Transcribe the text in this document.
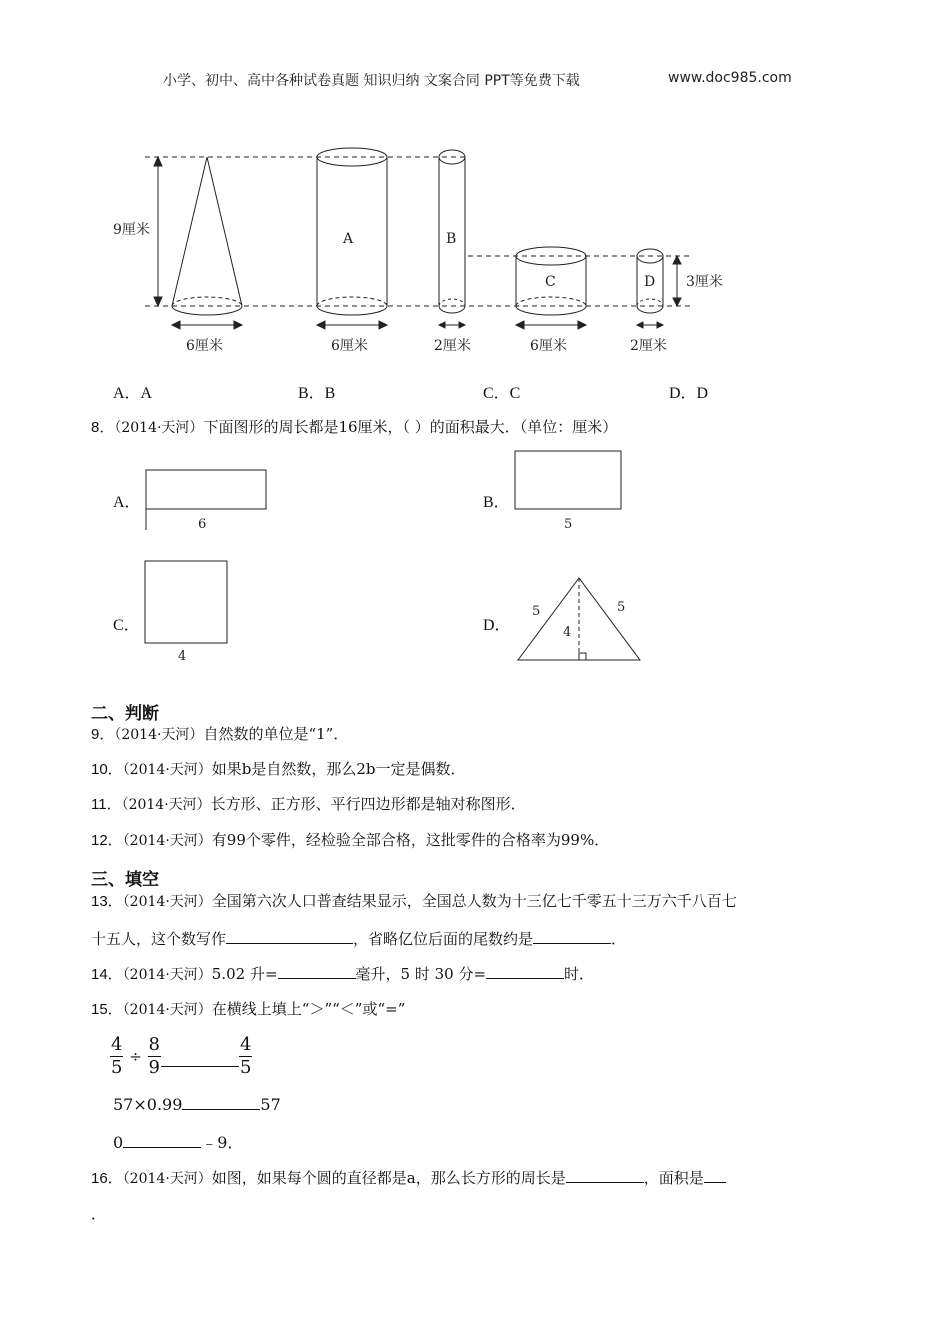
小学、初中、高中各种试卷真题 知识归纳 文案合同 PPT等免费下载	www.doc985.com
9厘米
3厘米
6厘米	6厘米	2厘米	6厘米	2厘米
A	B
C	D
A．A	B．B	C．C	D．D
8．（2014·天河）下面图形的周长都是16厘米，（ ）的面积最大．（单位：厘米）
A．	B．
C．	D．
6	5
4
5	5
4
二、判断
9．（2014·天河）自然数的单位是“1”．
10．（2014·天河）如果b是自然数，那么2b一定是偶数．
11．（2014·天河）长方形、正方形、平行四边形都是轴对称图形．
12．（2014·天河）有99个零件，经检验全部合格，这批零件的合格率为99%．
三、填空
13．（2014·天河）全国第六次人口普查结果显示，全国总人数为十三亿七千零五十三万六千八百七
十五人，这个数写作	，省略亿位后面的尾数约是	．
14．（2014·天河）5.02 升=	毫升，5 时 30 分=	时．
15．（2014·天河）在横线上填上“＞”“＜”或“=”
$\frac{4}{5} \div \frac{8}{9}$	$\frac{4}{5}$
57×0.99	57
0	﹣9．
16．（2014·天河）如图，如果每个圆的直径都是a，那么长方形的周长是	，面积是
．
